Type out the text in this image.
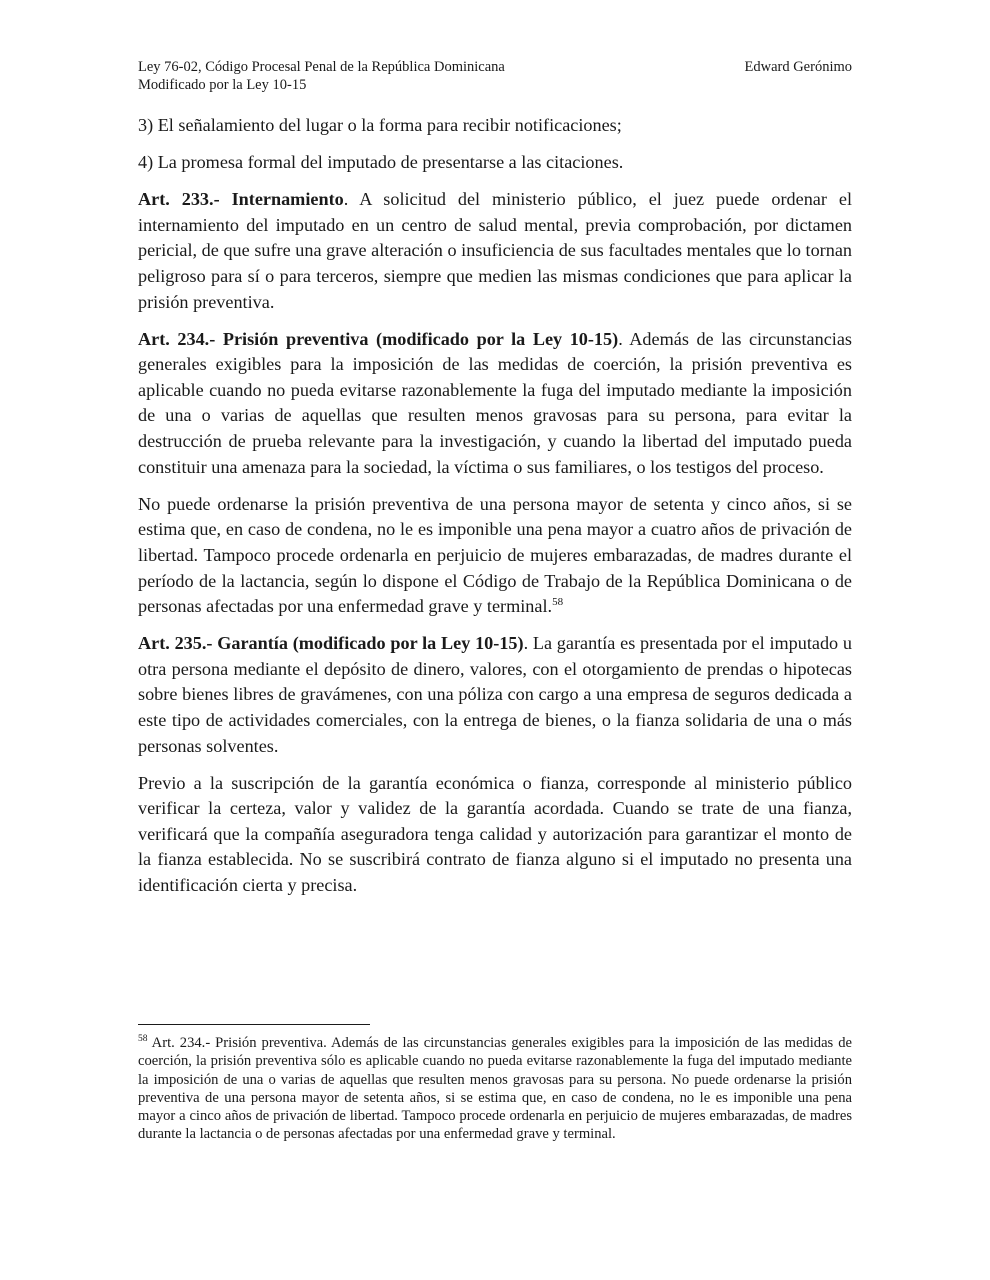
Ley 76-02, Código Procesal Penal de la República Dominicana	Edward Gerónimo
Modificado por la Ley 10-15

3) El señalamiento del lugar o la forma para recibir notificaciones;

4) La promesa formal del imputado de presentarse a las citaciones.

Art. 233.- Internamiento. A solicitud del ministerio público, el juez puede ordenar el internamiento del imputado en un centro de salud mental, previa comprobación, por dictamen pericial, de que sufre una grave alteración o insuficiencia de sus facultades mentales que lo tornan peligroso para sí o para terceros, siempre que medien las mismas condiciones que para aplicar la prisión preventiva.

Art. 234.- Prisión preventiva (modificado por la Ley 10-15). Además de las circunstancias generales exigibles para la imposición de las medidas de coerción, la prisión preventiva es aplicable cuando no pueda evitarse razonablemente la fuga del imputado mediante la imposición de una o varias de aquellas que resulten menos gravosas para su persona, para evitar la destrucción de prueba relevante para la investigación, y cuando la libertad del imputado pueda constituir una amenaza para la sociedad, la víctima o sus familiares, o los testigos del proceso.

No puede ordenarse la prisión preventiva de una persona mayor de setenta y cinco años, si se estima que, en caso de condena, no le es imponible una pena mayor a cuatro años de privación de libertad. Tampoco procede ordenarla en perjuicio de mujeres embarazadas, de madres durante el período de la lactancia, según lo dispone el Código de Trabajo de la República Dominicana o de personas afectadas por una enfermedad grave y terminal.$^{58}$

Art. 235.- Garantía (modificado por la Ley 10-15). La garantía es presentada por el imputado u otra persona mediante el depósito de dinero, valores, con el otorgamiento de prendas o hipotecas sobre bienes libres de gravámenes, con una póliza con cargo a una empresa de seguros dedicada a este tipo de actividades comerciales, con la entrega de bienes, o la fianza solidaria de una o más personas solventes.

Previo a la suscripción de la garantía económica o fianza, corresponde al ministerio público verificar la certeza, valor y validez de la garantía acordada. Cuando se trate de una fianza, verificará que la compañía aseguradora tenga calidad y autorización para garantizar el monto de la fianza establecida. No se suscribirá contrato de fianza alguno si el imputado no presenta una identificación cierta y precisa.

$^{58}$ Art. 234.- Prisión preventiva. Además de las circunstancias generales exigibles para la imposición de las medidas de coerción, la prisión preventiva sólo es aplicable cuando no pueda evitarse razonablemente la fuga del imputado mediante la imposición de una o varias de aquellas que resulten menos gravosas para su persona. No puede ordenarse la prisión preventiva de una persona mayor de setenta años, si se estima que, en caso de condena, no le es imponible una pena mayor a cinco años de privación de libertad. Tampoco procede ordenarla en perjuicio de mujeres embarazadas, de madres durante la lactancia o de personas afectadas por una enfermedad grave y terminal.
